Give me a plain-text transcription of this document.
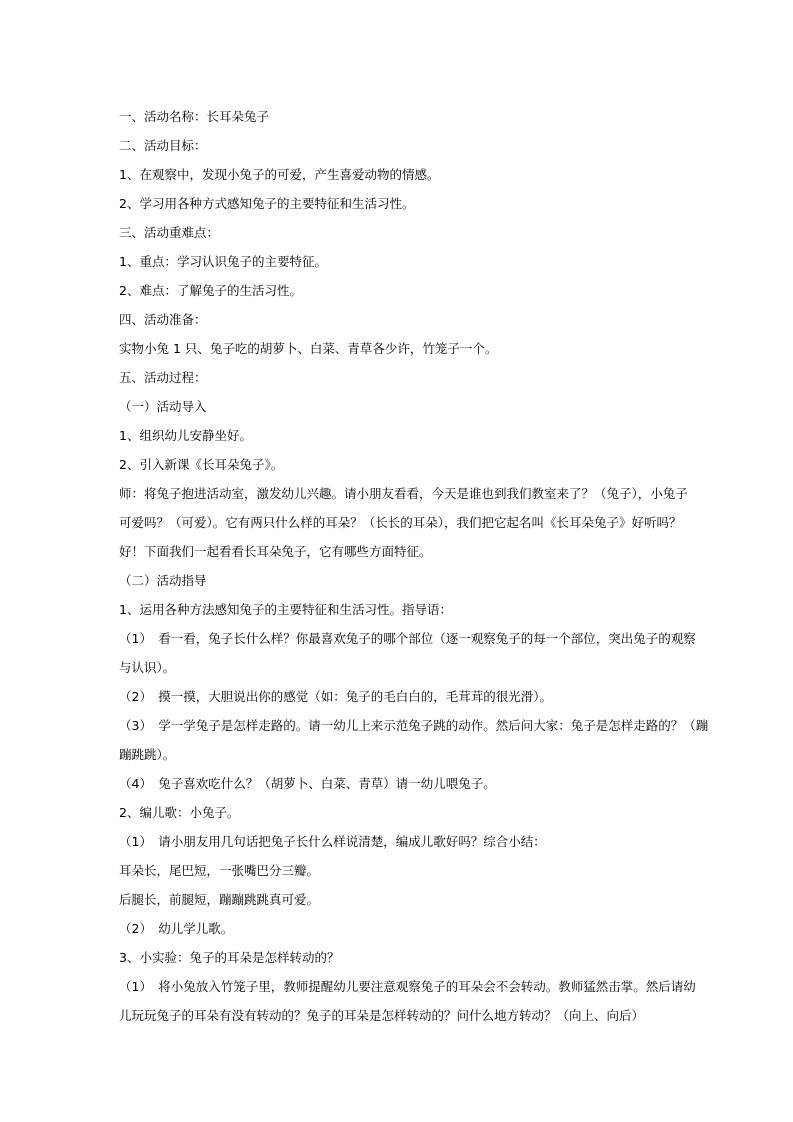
一、活动名称：长耳朵兔子

二、活动目标：

1、在观察中，发现小兔子的可爱，产生喜爱动物的情感。

2、学习用各种方式感知兔子的主要特征和生活习性。

三、活动重难点：

1、重点：学习认识兔子的主要特征。

2、难点：了解兔子的生活习性。

四、活动准备：

实物小兔 1 只、兔子吃的胡萝卜、白菜、青草各少许，竹笼子一个。

五、活动过程：

（一）活动导入

1、组织幼儿安静坐好。

2、引入新课《长耳朵兔子》。

师：将兔子抱进活动室，激发幼儿兴趣。请小朋友看看，今天是谁也到我们教室来了？（兔子），小兔子

可爱吗？（可爱）。它有两只什么样的耳朵？（长长的耳朵），我们把它起名叫《长耳朵兔子》好听吗？

好！下面我们一起看看长耳朵兔子，它有哪些方面特征。

（二）活动指导

1、运用各种方法感知兔子的主要特征和生活习性。指导语：

（1）　看一看，兔子长什么样？你最喜欢兔子的哪个部位（逐一观察兔子的每一个部位，突出兔子的观察

与认识）。

（2）　摸一摸，大胆说出你的感觉（如：兔子的毛白白的，毛茸茸的很光滑）。

（3）　学一学兔子是怎样走路的。请一幼儿上来示范兔子跳的动作。然后问大家：兔子是怎样走路的？（蹦

蹦跳跳）。

（4）　兔子喜欢吃什么？（胡萝卜、白菜、青草）请一幼儿喂兔子。

2、编儿歌：小兔子。

（1）　请小朋友用几句话把兔子长什么样说清楚，编成儿歌好吗？综合小结：

耳朵长，尾巴短，一张嘴巴分三瓣。

后腿长，前腿短，蹦蹦跳跳真可爱。

（2）　幼儿学儿歌。

3、小实验：兔子的耳朵是怎样转动的？

（1）　将小兔放入竹笼子里，教师提醒幼儿要注意观察兔子的耳朵会不会转动。教师猛然击掌。然后请幼

儿玩玩兔子的耳朵有没有转动的？兔子的耳朵是怎样转动的？问什么地方转动？（向上、向后）
